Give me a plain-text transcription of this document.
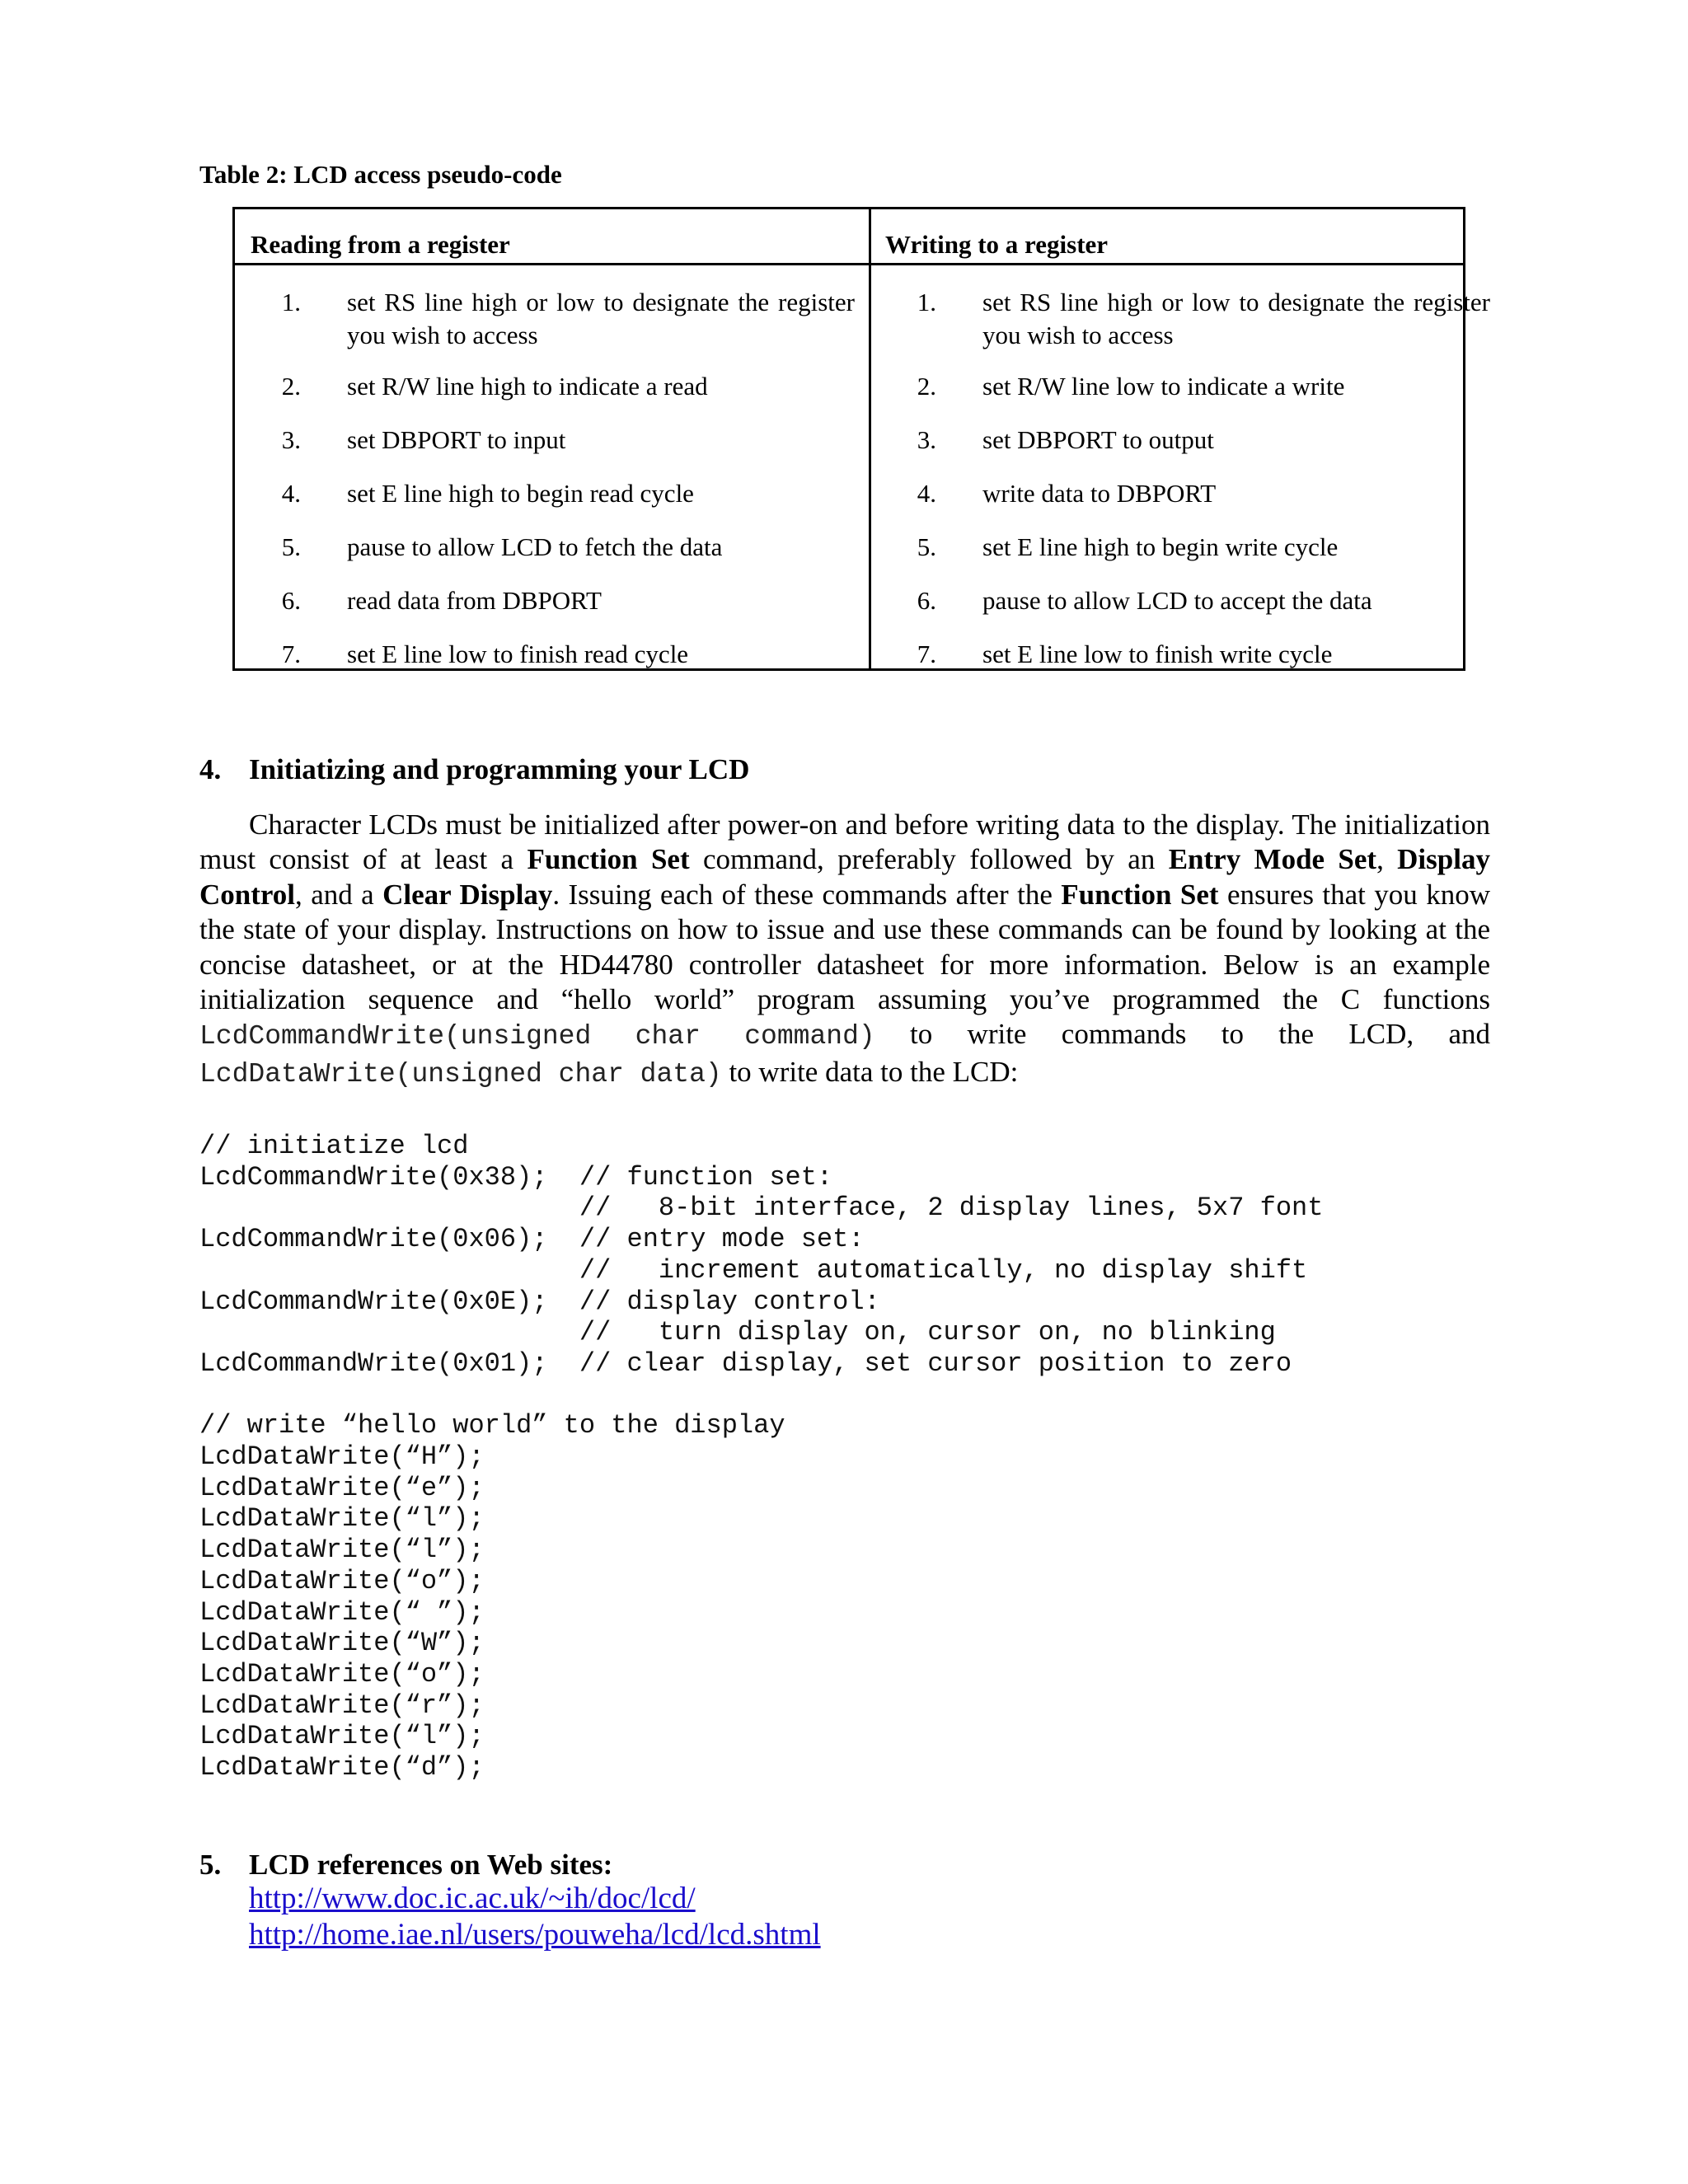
Table 2: LCD access pseudo-code
Reading from a register	Writing to a register
1. set RS line high or low to designate the register you wish to access
2. set R/W line high to indicate a read
3. set DBPORT to input
4. set E line high to begin read cycle
5. pause to allow LCD to fetch the data
6. read data from DBPORT
7. set E line low to finish read cycle
1. set RS line high or low to designate the register you wish to access
2. set R/W line low to indicate a write
3. set DBPORT to output
4. write data to DBPORT
5. set E line high to begin write cycle
6. pause to allow LCD to accept the data
7. set E line low to finish write cycle
4. Initiatizing and programming your LCD
Character LCDs must be initialized after power-on and before writing data to the display. The initialization must consist of at least a Function Set command, preferably followed by an Entry Mode Set, Display Control, and a Clear Display. Issuing each of these commands after the Function Set ensures that you know the state of your display. Instructions on how to issue and use these commands can be found by looking at the concise datasheet, or at the HD44780 controller datasheet for more information. Below is an example initialization sequence and “hello world” program assuming you’ve programmed the C functions LcdCommandWrite(unsigned char command) to write commands to the LCD, and LcdDataWrite(unsigned char data) to write data to the LCD:
// initiatize lcd
LcdCommandWrite(0x38);  // function set:
//   8-bit interface, 2 display lines, 5x7 font
LcdCommandWrite(0x06);  // entry mode set:
//   increment automatically, no display shift
LcdCommandWrite(0x0E);  // display control:
//   turn display on, cursor on, no blinking
LcdCommandWrite(0x01);  // clear display, set cursor position to zero

// write “hello world” to the display
LcdDataWrite(“H”);
LcdDataWrite(“e”);
LcdDataWrite(“l”);
LcdDataWrite(“l”);
LcdDataWrite(“o”);
LcdDataWrite(“ ”);
LcdDataWrite(“W”);
LcdDataWrite(“o”);
LcdDataWrite(“r”);
LcdDataWrite(“l”);
LcdDataWrite(“d”);
5. LCD references on Web sites:
http://www.doc.ic.ac.uk/~ih/doc/lcd/
http://home.iae.nl/users/pouweha/lcd/lcd.shtml
